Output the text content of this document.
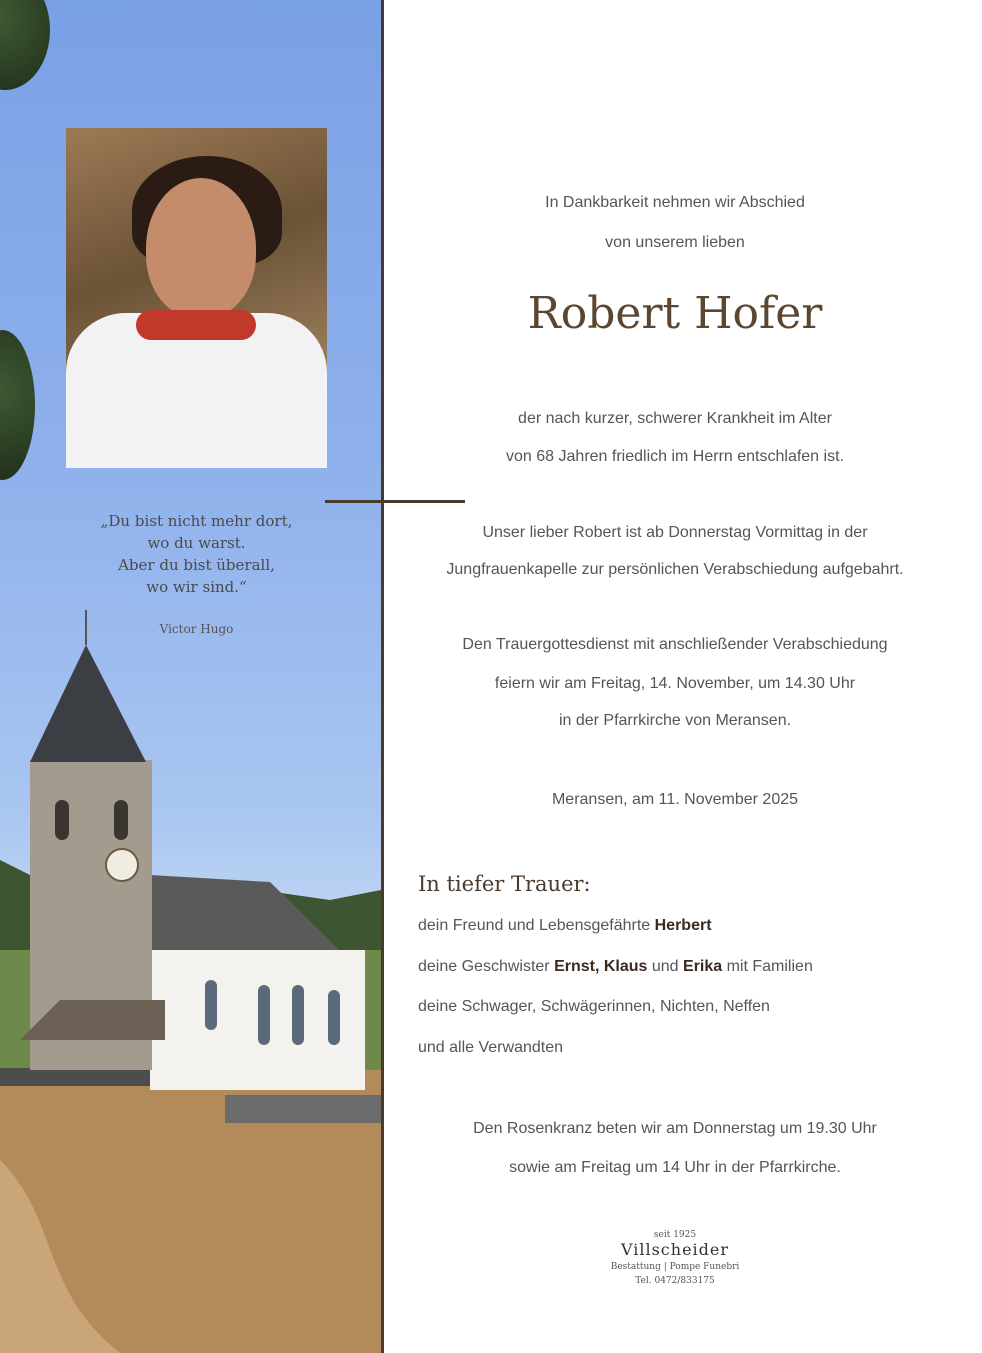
„Du bist nicht mehr dort,
wo du warst.
Aber du bist überall,
wo wir sind.“
Victor Hugo
In Dankbarkeit nehmen wir Abschied
von unserem lieben
Robert Hofer
der nach kurzer, schwerer Krankheit im Alter
von 68 Jahren friedlich im Herrn entschlafen ist.
Unser lieber Robert ist ab Donnerstag Vormittag in der
Jungfrauenkapelle zur persönlichen Verabschiedung aufgebahrt.
Den Trauergottesdienst mit anschließender Verabschiedung
feiern wir am Freitag, 14. November, um 14.30 Uhr
in der Pfarrkirche von Meransen.
Meransen, am 11. November 2025
In tiefer Trauer:
dein Freund und Lebensgefährte Herbert
deine Geschwister Ernst, Klaus und Erika mit Familien
deine Schwager, Schwägerinnen, Nichten, Neffen
und alle Verwandten
Den Rosenkranz beten wir am Donnerstag um 19.30 Uhr
sowie am Freitag um 14 Uhr in der Pfarrkirche.
seit 1925
Villscheider
Bestattung | Pompe Funebri
Tel. 0472/833175
